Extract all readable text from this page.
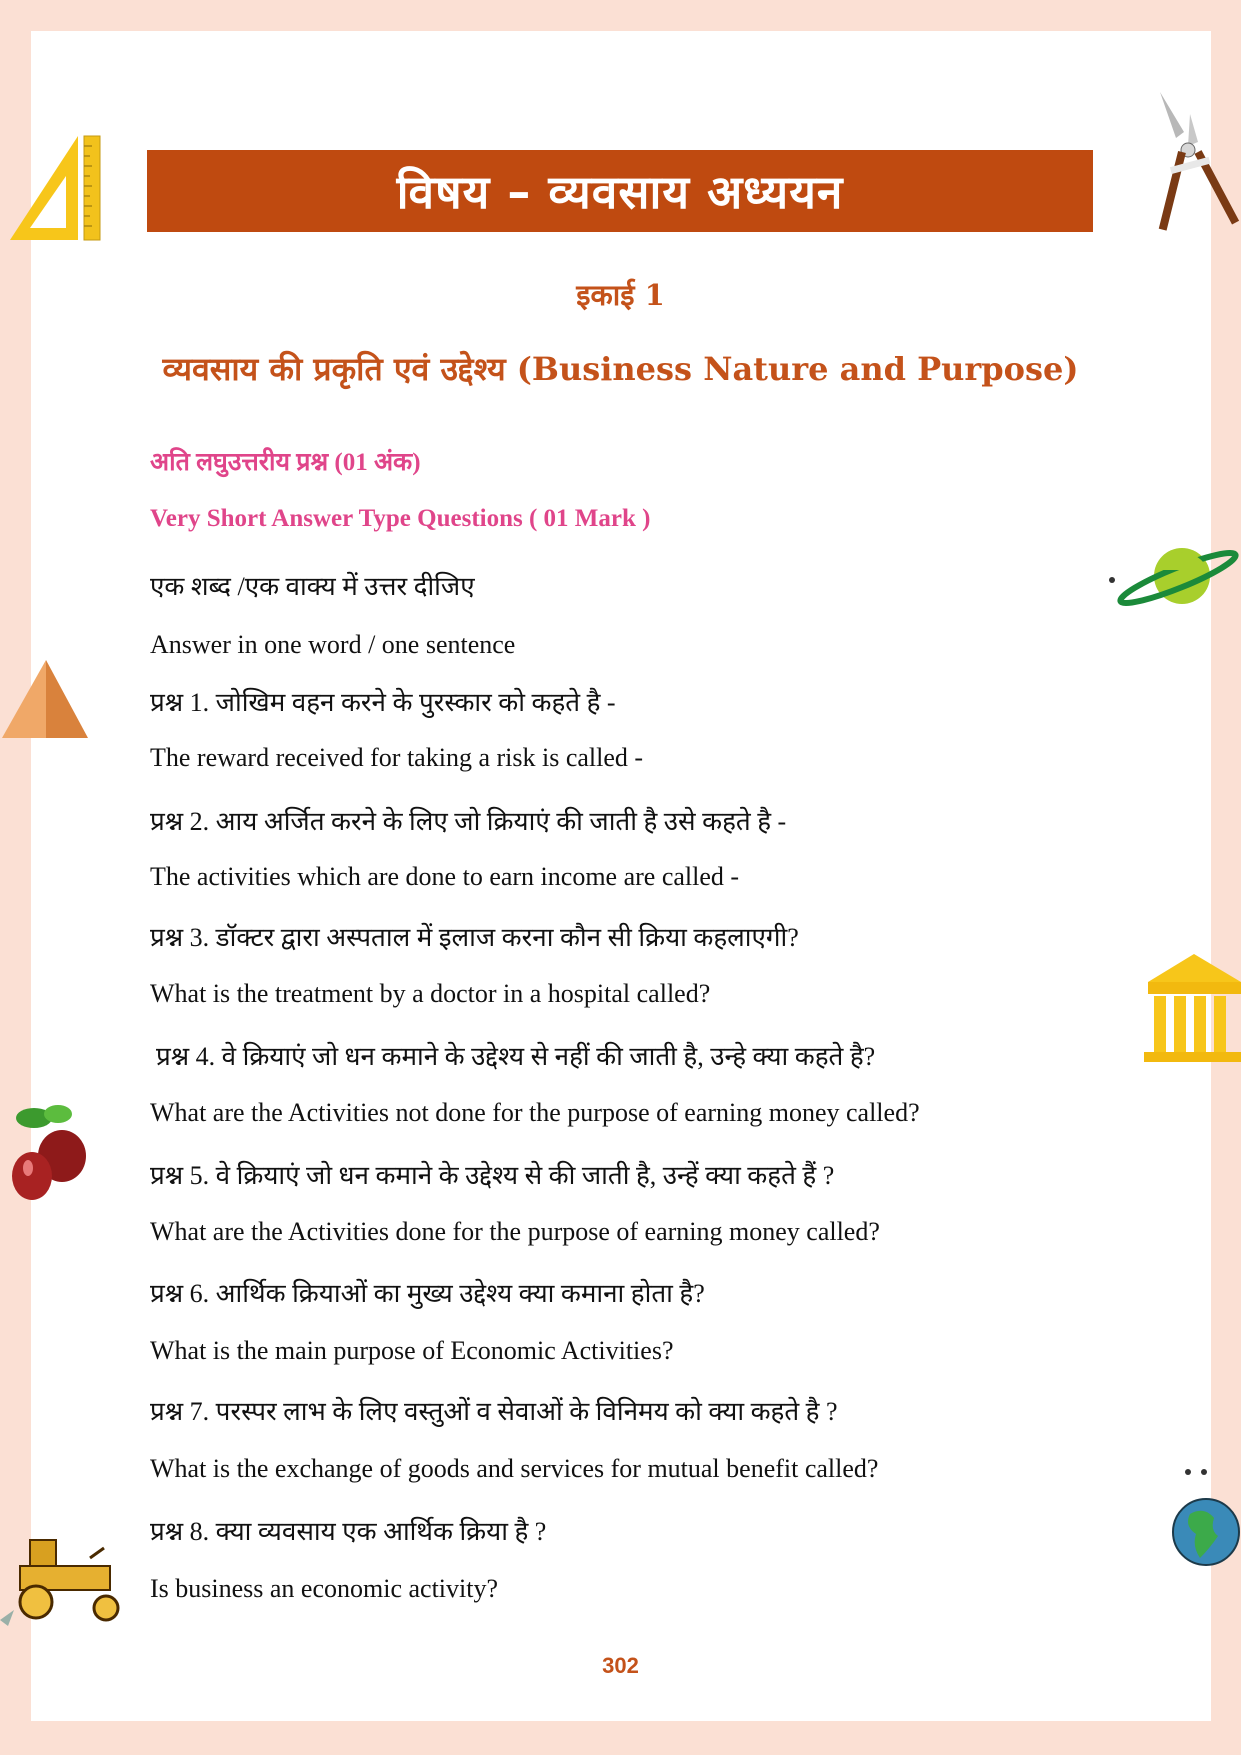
विषय – व्यवसाय अध्ययन
इकाई 1
व्यवसाय की प्रकृति एवं उद्देश्य (Business Nature and Purpose)
अति लघुउत्तरीय प्रश्न (01 अंक)
Very Short Answer Type Questions ( 01 Mark )
एक शब्द /एक वाक्य में उत्तर दीजिए
Answer in one word / one sentence
प्रश्न 1. जोखिम वहन करने के पुरस्कार को कहते है -
The reward received for taking a risk is called -
प्रश्न 2. आय अर्जित करने के लिए जो क्रियाएं की जाती है उसे कहते है -
The activities which are done to earn income are called -
प्रश्न 3. डॉक्टर द्वारा अस्पताल में इलाज करना कौन सी क्रिया कहलाएगी?
What is the treatment by a doctor in a hospital called?
प्रश्न 4. वे क्रियाएं जो धन कमाने के उद्देश्य से नहीं की जाती है, उन्हे क्या कहते है?
What are the Activities not done for the purpose of earning money called?
प्रश्न 5. वे क्रियाएं जो धन कमाने के उद्देश्य से की जाती है, उन्हें क्या कहते हैं ?
What are the Activities done for the purpose of earning money called?
प्रश्न 6. आर्थिक क्रियाओं का मुख्य उद्देश्य क्या कमाना होता है?
What is the main purpose of Economic Activities?
प्रश्न 7. परस्पर लाभ के लिए वस्तुओं व सेवाओं के विनिमय को क्या कहते है ?
What is the exchange of goods and services for mutual benefit called?
प्रश्न 8. क्या व्यवसाय एक आर्थिक क्रिया है ?
Is business an economic activity?
302
